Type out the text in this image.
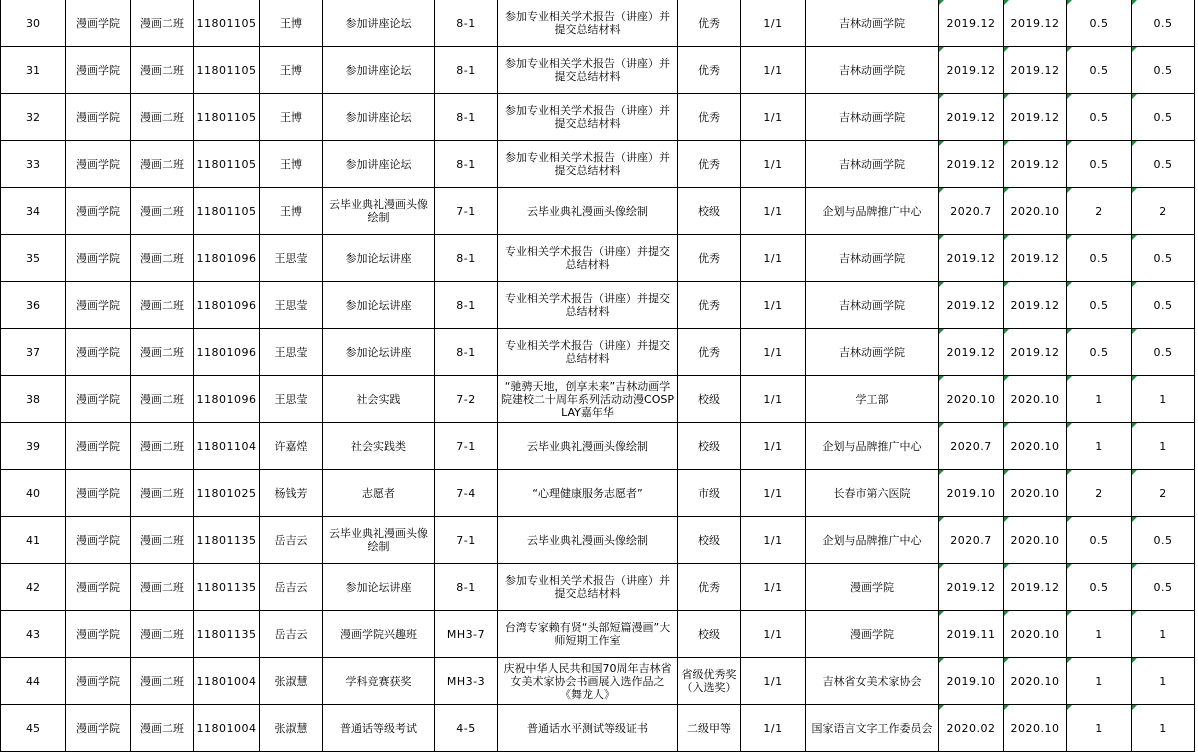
30	漫画学院	漫画二班	11801105	王博	参加讲座论坛	8-1	参加专业相关学术报告（讲座）并提交总结材料	优秀	1/1	吉林动画学院	2019.12	2019.12	0.5	0.5
31	漫画学院	漫画二班	11801105	王博	参加讲座论坛	8-1	参加专业相关学术报告（讲座）并提交总结材料	优秀	1/1	吉林动画学院	2019.12	2019.12	0.5	0.5
32	漫画学院	漫画二班	11801105	王博	参加讲座论坛	8-1	参加专业相关学术报告（讲座）并提交总结材料	优秀	1/1	吉林动画学院	2019.12	2019.12	0.5	0.5
33	漫画学院	漫画二班	11801105	王博	参加讲座论坛	8-1	参加专业相关学术报告（讲座）并提交总结材料	优秀	1/1	吉林动画学院	2019.12	2019.12	0.5	0.5
34	漫画学院	漫画二班	11801105	王博	云毕业典礼漫画头像绘制	7-1	云毕业典礼漫画头像绘制	校级	1/1	企划与品牌推广中心	2020.7	2020.10	2	2
35	漫画学院	漫画二班	11801096	王思莹	参加论坛讲座	8-1	专业相关学术报告（讲座）并提交总结材料	优秀	1/1	吉林动画学院	2019.12	2019.12	0.5	0.5
36	漫画学院	漫画二班	11801096	王思莹	参加论坛讲座	8-1	专业相关学术报告（讲座）并提交总结材料	优秀	1/1	吉林动画学院	2019.12	2019.12	0.5	0.5
37	漫画学院	漫画二班	11801096	王思莹	参加论坛讲座	8-1	专业相关学术报告（讲座）并提交总结材料	优秀	1/1	吉林动画学院	2019.12	2019.12	0.5	0.5
38	漫画学院	漫画二班	11801096	王思莹	社会实践	7-2	“驰骋天地，创享未来”吉林动画学院建校二十周年系列活动动漫COSPLAY嘉年华	校级	1/1	学工部	2020.10	2020.10	1	1
39	漫画学院	漫画二班	11801104	许嘉煌	社会实践类	7-1	云毕业典礼漫画头像绘制	校级	1/1	企划与品牌推广中心	2020.7	2020.10	1	1
40	漫画学院	漫画二班	11801025	杨钱芳	志愿者	7-4	“心理健康服务志愿者”	市级	1/1	长春市第六医院	2019.10	2020.10	2	2
41	漫画学院	漫画二班	11801135	岳吉云	云毕业典礼漫画头像绘制	7-1	云毕业典礼漫画头像绘制	校级	1/1	企划与品牌推广中心	2020.7	2020.10	0.5	0.5
42	漫画学院	漫画二班	11801135	岳吉云	参加论坛讲座	8-1	参加专业相关学术报告（讲座）并提交总结材料	优秀	1/1	漫画学院	2019.12	2019.12	0.5	0.5
43	漫画学院	漫画二班	11801135	岳吉云	漫画学院兴趣班	MH3-7	台湾专家赖有贤“头部短篇漫画”大师短期工作室	校级	1/1	漫画学院	2019.11	2020.10	1	1
44	漫画学院	漫画二班	11801004	张淑慧	学科竞赛获奖	MH3-3	庆祝中华人民共和国70周年吉林省女美术家协会书画展入选作品之《舞龙人》	省级优秀奖（入选奖）	1/1	吉林省女美术家协会	2019.10	2020.10	1	1
45	漫画学院	漫画二班	11801004	张淑慧	普通话等级考试	4-5	普通话水平测试等级证书	二级甲等	1/1	国家语言文字工作委员会	2020.02	2020.10	1	1
